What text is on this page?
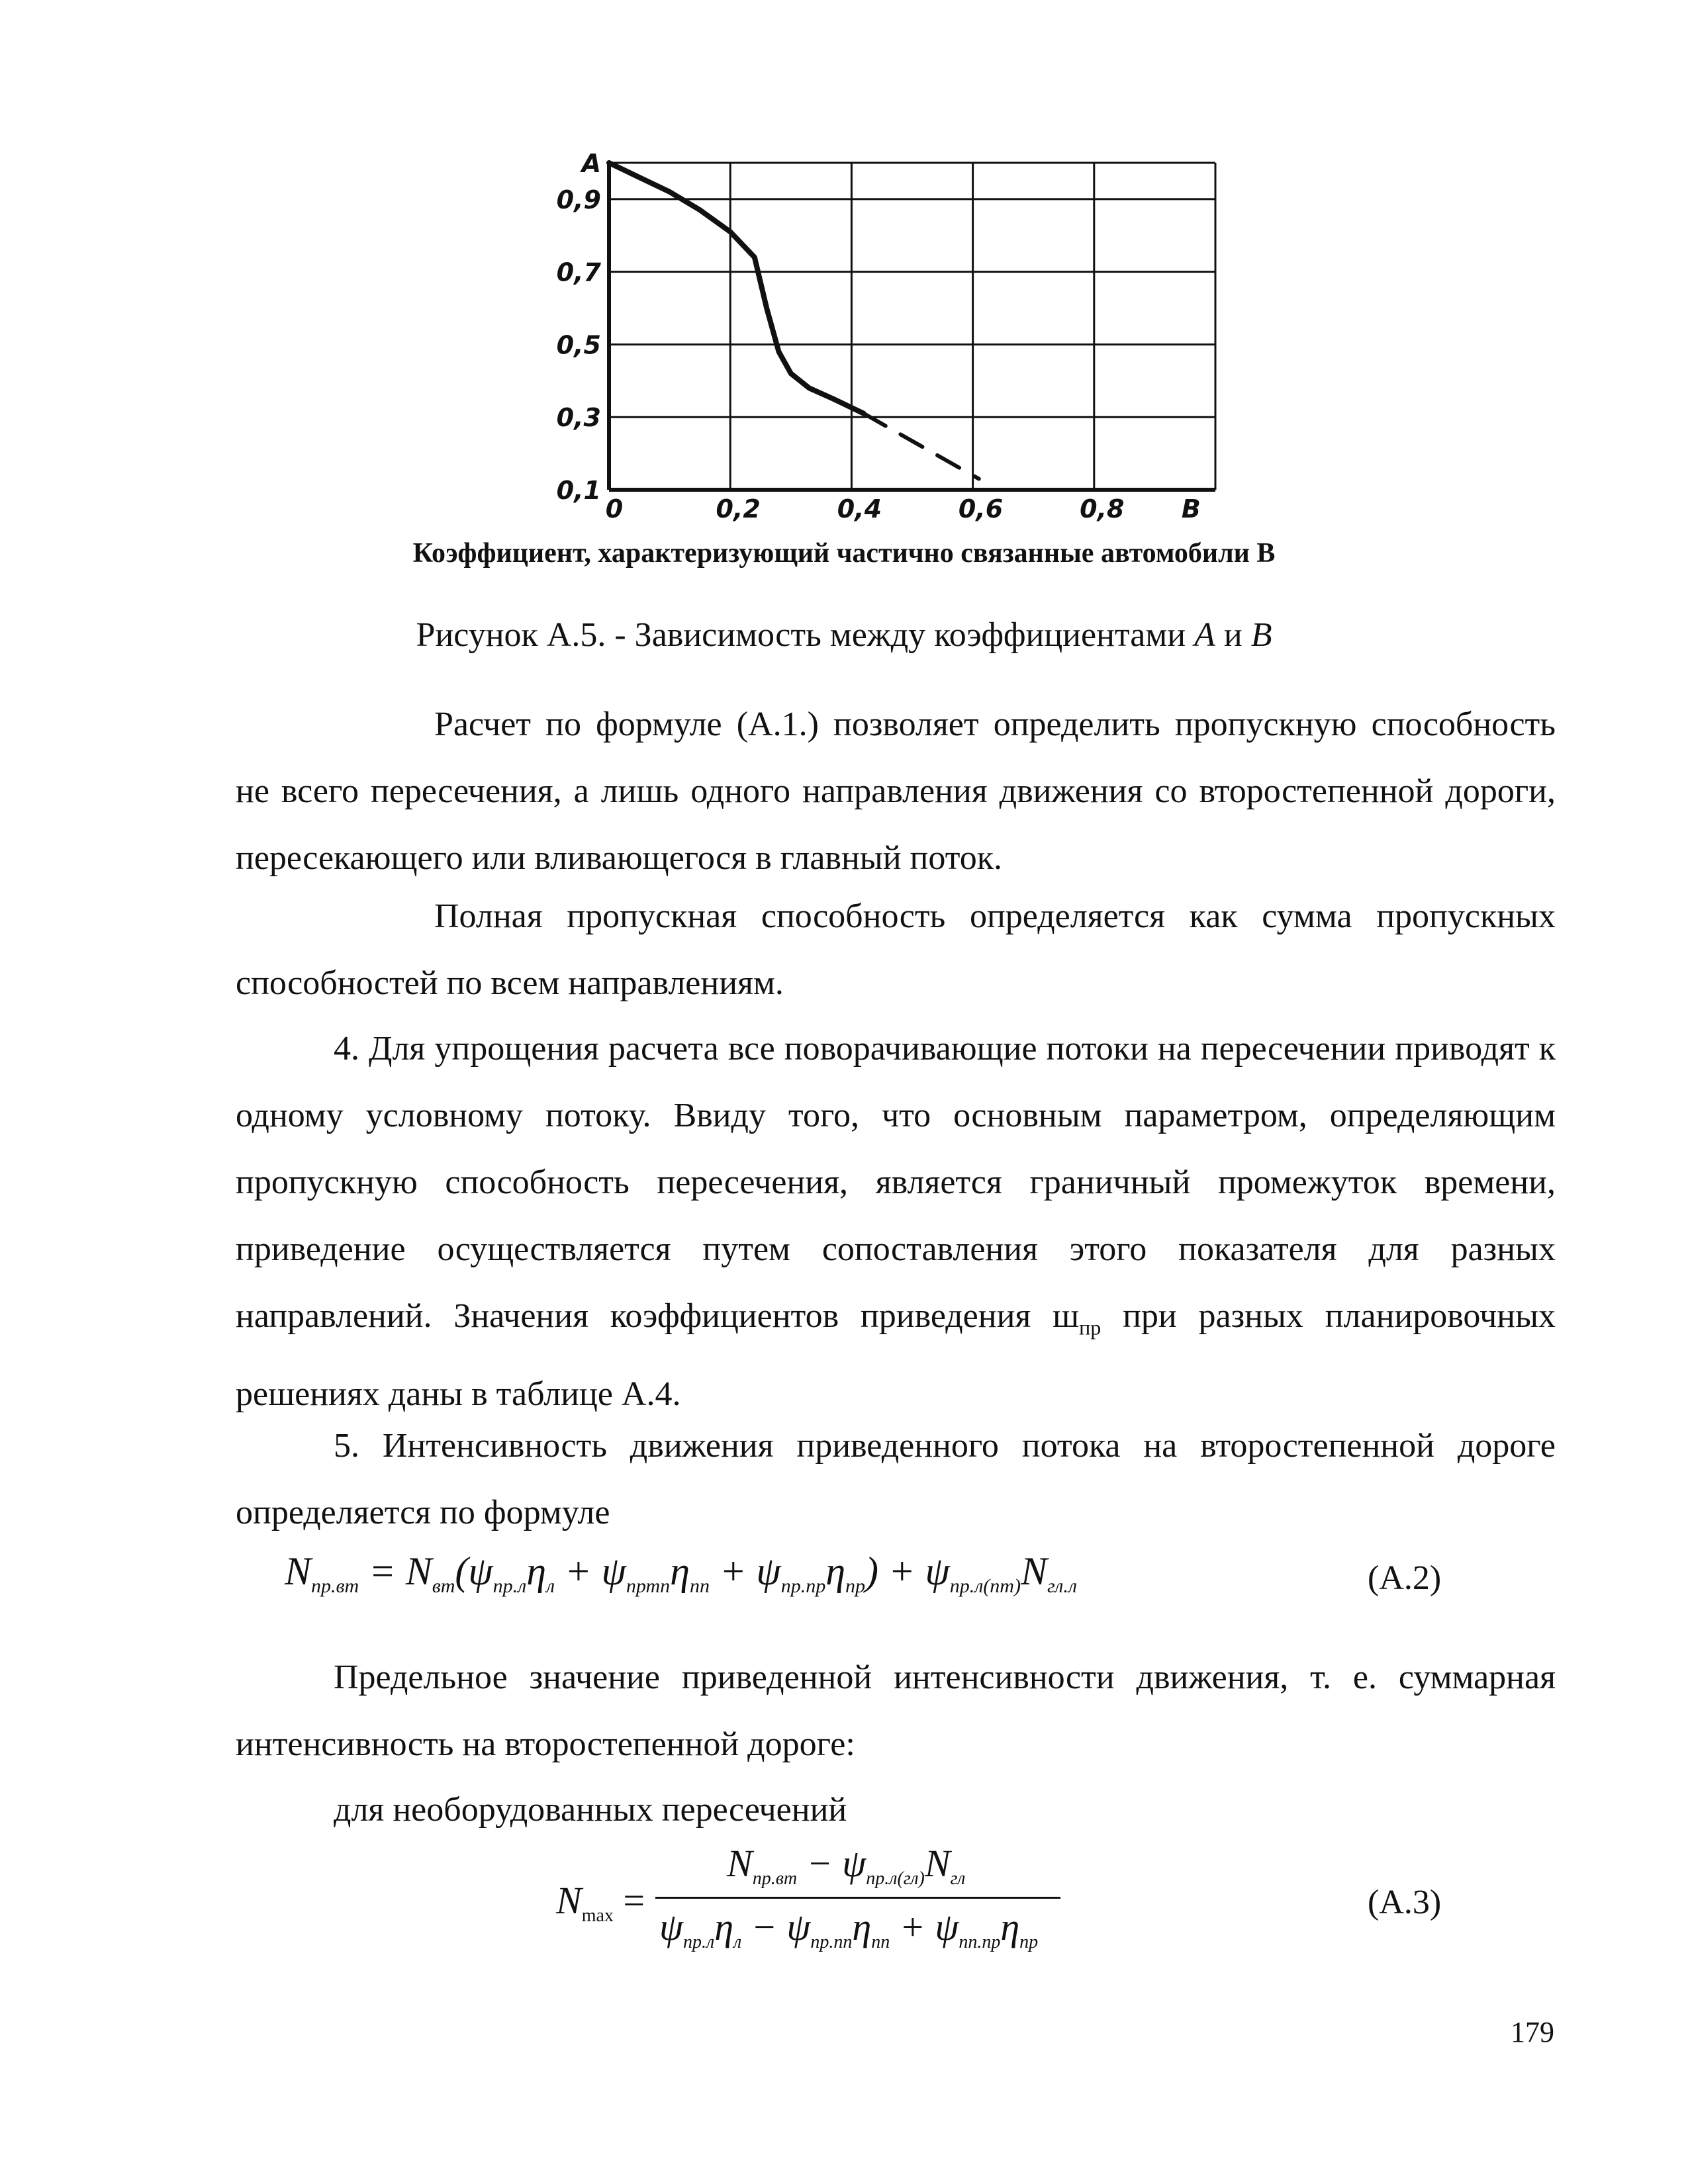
0,9
0,7
0,5
0,3
0,1
A
0	0,2	0,4	0,6	0,8 B
Коэффициент, характеризующий частично связанные автомобили В
Рисунок А.5. - Зависимость между коэффициентами А и В
Расчет по формуле (А.1.) позволяет определить пропускную способность не всего пересечения, а лишь одного направления движения со второстепенной дороги, пересекающего или вливающегося в главный поток.
Полная пропускная способность определяется как сумма пропускных способностей по всем направлениям.
4. Для упрощения расчета все поворачивающие потоки на пересечении приводят к одному условному потоку. Ввиду того, что основным параметром, определяющим пропускную способность пересечения, является граничный промежуток времени, приведение осуществляется путем сопоставления этого показателя для разных направлений. Значения коэффициентов приведения $ш_{пр}$ при разных планировочных решениях даны в таблице А.4.
5. Интенсивность движения приведенного потока на второстепенной дороге определяется по формуле
$N_{пр.вт} = N_{вт}(\psi_{пр.л}\eta_л + \psi_{пртп}\eta_{пп} + \psi_{пр.пр}\eta_{пр}) + \psi_{пр.л(пт)}N_{гл.л}$	(А.2)
Предельное значение приведенной интенсивности движения, т. е. суммарная интенсивность на второстепенной дороге:
для необорудованных пересечений
$N_{max}$ =
$N_{пр.вт} - \psi_{пр.л(гл)}N_{гл}$
$\psi_{пр.л}\eta_л - \psi_{пр.пп}\eta_{пп} + \psi_{пп.пр}\eta_{пр}$
(А.3)
179
